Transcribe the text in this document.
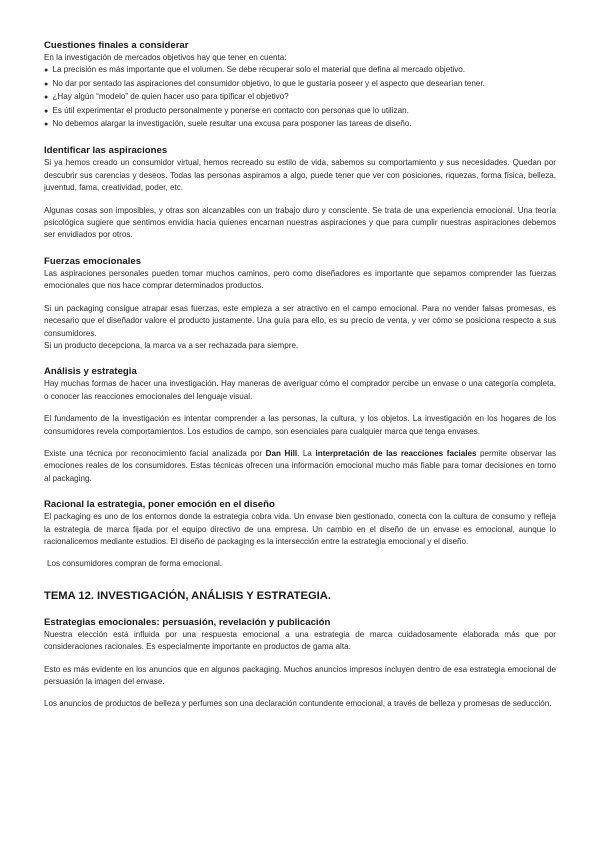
Cuestiones finales a considerar

En la investigación de mercados objetivos hay que tener en cuenta:

● La precisión es más importante que el volumen. Se debe recuperar solo el material que defina al mercado objetivo.
● No dar por sentado las aspiraciones del consumidor objetivo, lo que le gustaría poseer y el aspecto que desearían tener.
● ¿Hay algún “modelo” de quien hacer uso para tipificar el objetivo?
● Es útil experimentar el producto personalmente y ponerse en contacto con personas que lo utilizan.
● No debemos alargar la investigación, suele resultar una excusa para posponer las tareas de diseño.
Identificar las aspiraciones

Si ya hemos creado un consumidor virtual, hemos recreado su estilo de vida, sabemos su comportamiento y sus necesidades. Quedan por descubrir sus carencias y deseos. Todas las personas aspiramos a algo, puede tener que ver con posiciones, riquezas, forma física, belleza, juventud, fama, creatividad, poder, etc.

Algunas cosas son imposibles, y otras son alcanzables con un trabajo duro y consciente. Se trata de una experiencia emocional. Una teoría psicológica sugiere que sentimos envidia hacia quienes encarnan nuestras aspiraciones y que para cumplir nuestras aspiraciones debemos ser envidiados por otros.

Fuerzas emocionales

Las aspiraciones personales pueden tomar muchos caminos, pero como diseñadores es importante que sepamos comprender las fuerzas emocionales que nos hace comprar determinados productos.

Si un packaging consigue atrapar esas fuerzas, este empieza a ser atractivo en el campo emocional. Para no vender falsas promesas, es necesario que el diseñador valore el producto justamente. Una guía para ello, es su precio de venta, y ver cómo se posiciona respecto a sus consumidores.

Si un producto decepciona, la marca va a ser rechazada para siempre.

Análisis y estrategia

Hay muchas formas de hacer una investigación. Hay maneras de averiguar cómo el comprador percibe un envase o una categoría completa, o conocer las reacciones emocionales del lenguaje visual.

El fundamento de la investigación es intentar comprender a las personas, la cultura, y los objetos. La investigación en los hogares de los consumidores revela comportamientos. Los estudios de campo, son esenciales para cualquier marca que tenga envases.

Existe una técnica por reconocimiento facial analizada por Dan Hill. La interpretación de las reacciones faciales permite observar las emociones reales de los consumidores. Estas técnicas ofrecen una información emocional mucho más fiable para tomar decisiones en torno al packaging.

Racional la estrategia, poner emoción en el diseño

El packaging es uno de los entornos donde la estrategia cobra vida. Un envase bien gestionado, conecta con la cultura de consumo y refleja la estrategia de marca fijada por el equipo directivo de una empresa. Un cambio en el diseño de un envase es emocional, aunque lo racionalicemos mediante estudios. El diseño de packaging es la intersección entre la estrategia emocional y el diseño.

Los consumidores compran de forma emocional.

TEMA 12. INVESTIGACIÓN, ANÁLISIS Y ESTRATEGIA.
Estrategias emocionales: persuasión, revelación y publicación

Nuestra elección está influida por una respuesta emocional a una estrategia de marca cuidadosamente elaborada más que por consideraciones racionales. Es especialmente importante en productos de gama alta.

Esto es más evidente en los anuncios que en algunos packaging. Muchos anuncios impresos incluyen dentro de esa estrategia emocional de persuasión la imagen del envase.

Los anuncios de productos de belleza y perfumes son una declaración contundente emocional, a través de belleza y promesas de seducción.
